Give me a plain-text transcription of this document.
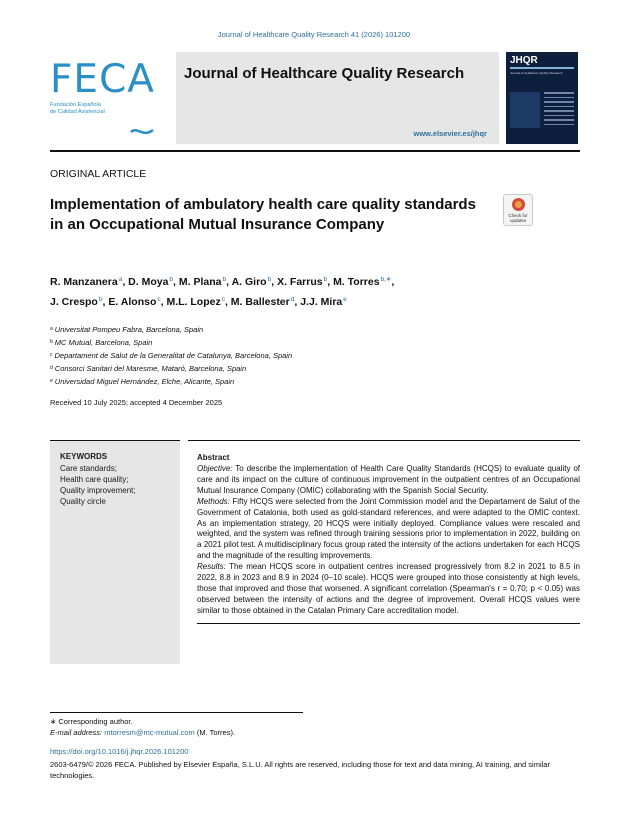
Journal of Healthcare Quality Research 41 (2026) 101200
FECA
Fundación Española
de Calidad Asistencial
Journal of Healthcare Quality Research
www.elsevier.es/jhqr
JHQR
Journal of Healthcare Quality Research
ORIGINAL ARTICLE
Implementation of ambulatory health care quality standards in an Occupational Mutual Insurance Company
Check for
updates
R. Manzanera$^a$, D. Moya$^b$, M. Plana$^b$, A. Giro$^b$, X. Farrus$^b$, M. Torres$^{b,∗}$,
J. Crespo$^b$, E. Alonso$^c$, M.L. Lopez$^c$, M. Ballester$^d$, J.J. Mira$^e$
$^a$ Universitat Pompeu Fabra, Barcelona, Spain
$^b$ MC Mutual, Barcelona, Spain
$^c$ Departament de Salut de la Generalitat de Catalunya, Barcelona, Spain
$^d$ Consorci Sanitari del Maresme, Mataró, Barcelona, Spain
$^e$ Universidad Miguel Hernández, Elche, Alicante, Spain
Received 10 July 2025; accepted 4 December 2025
KEYWORDS
Care standards;
Health care quality;
Quality improvement;
Quality circle
Abstract

Objective: To describe the implementation of Health Care Quality Standards (HCQS) to evaluate quality of care and its impact on the culture of continuous improvement in the outpatient centres of an Occupational Mutual Insurance Company (OMIC) collaborating with the Spanish Social Security.

Methods: Fifty HCQS were selected from the Joint Commission model and the Departament de Salut of the Government of Catalonia, both used as gold-standard references, and were adapted to the OMIC context. As an implementation strategy, 20 HCQS were initially deployed. Compliance values were rescaled and weighted, and the system was refined through training sessions prior to implementation in 2022, building on a 2021 pilot test. A multidisciplinary focus group rated the intensity of the actions undertaken for each HCQS and the magnitude of the resulting improvements.

Results: The mean HCQS score in outpatient centres increased progressively from 8.2 in 2021 to 8.5 in 2022, 8.8 in 2023 and 8.9 in 2024 (0–10 scale). HCQS were grouped into those consistently at high levels, those that improved and those that worsened. A significant correlation (Spearman's r = 0.70; p < 0.05) was observed between the intensity of actions and the degree of improvement. Overall HCQS values were similar to those obtained in the Catalan Primary Care accreditation model.

∗ Corresponding author.
E-mail address: mtorresm@mc-mutual.com (M. Torres).
https://doi.org/10.1016/j.jhqr.2026.101200
2603-6479/© 2026 FECA. Published by Elsevier España, S.L.U. All rights are reserved, including those for text and data mining, AI training, and similar technologies.
